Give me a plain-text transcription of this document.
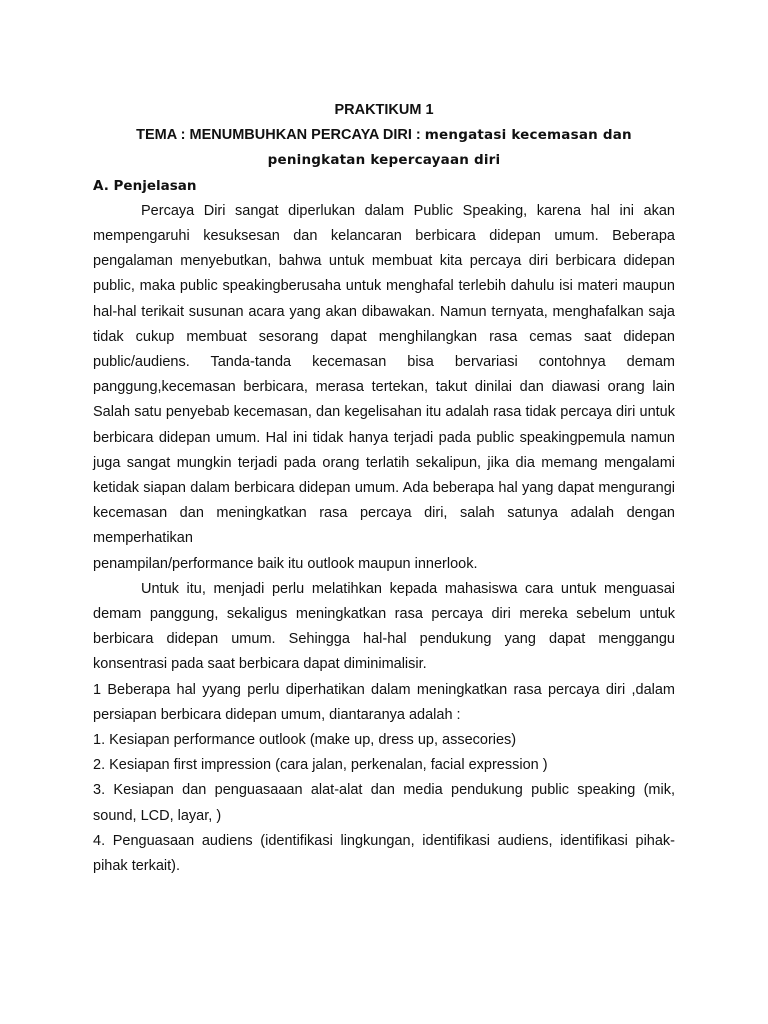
PRAKTIKUM 1

TEMA : MENUMBUHKAN PERCAYA DIRI : mengatasi kecemasan dan
peningkatan kepercayaan diri

A. Penjelasan

Percaya Diri sangat diperlukan dalam Public Speaking, karena hal ini akan mempengaruhi kesuksesan dan kelancaran berbicara didepan umum. Beberapa pengalaman menyebutkan, bahwa untuk membuat kita percaya diri berbicara didepan public, maka public speakingberusaha untuk menghafal terlebih dahulu isi materi maupun hal-hal terikait susunan acara yang akan dibawakan. Namun ternyata, menghafalkan saja tidak cukup membuat sesorang dapat menghilangkan rasa cemas saat didepan public/audiens. Tanda-tanda kecemasan bisa bervariasi contohnya demam panggung,kecemasan berbicara, merasa tertekan, takut dinilai dan diawasi orang lain Salah satu penyebab kecemasan, dan kegelisahan itu adalah rasa tidak percaya diri untuk berbicara didepan umum. Hal ini tidak hanya terjadi pada public speakingpemula namun juga sangat mungkin terjadi pada orang terlatih sekalipun, jika dia memang mengalami ketidak siapan dalam berbicara didepan umum. Ada beberapa hal yang dapat mengurangi kecemasan dan meningkatkan rasa percaya diri, salah satunya adalah dengan memperhatikan

penampilan/performance baik itu outlook maupun innerlook.

Untuk itu, menjadi perlu melatihkan kepada mahasiswa cara untuk menguasai demam panggung, sekaligus meningkatkan rasa percaya diri mereka sebelum untuk berbicara didepan umum. Sehingga hal-hal pendukung yang dapat menggangu konsentrasi pada saat berbicara dapat diminimalisir.

1 Beberapa hal yyang perlu diperhatikan dalam meningkatkan rasa percaya diri ,dalam persiapan berbicara didepan umum, diantaranya adalah :

1. Kesiapan performance outlook (make up, dress up, assecories)

2. Kesiapan first impression (cara jalan, perkenalan, facial expression )

3. Kesiapan dan penguasaaan alat-alat dan media pendukung public speaking (mik, sound, LCD, layar, )

4. Penguasaan audiens (identifikasi lingkungan, identifikasi audiens, identifikasi pihak-pihak terkait).
